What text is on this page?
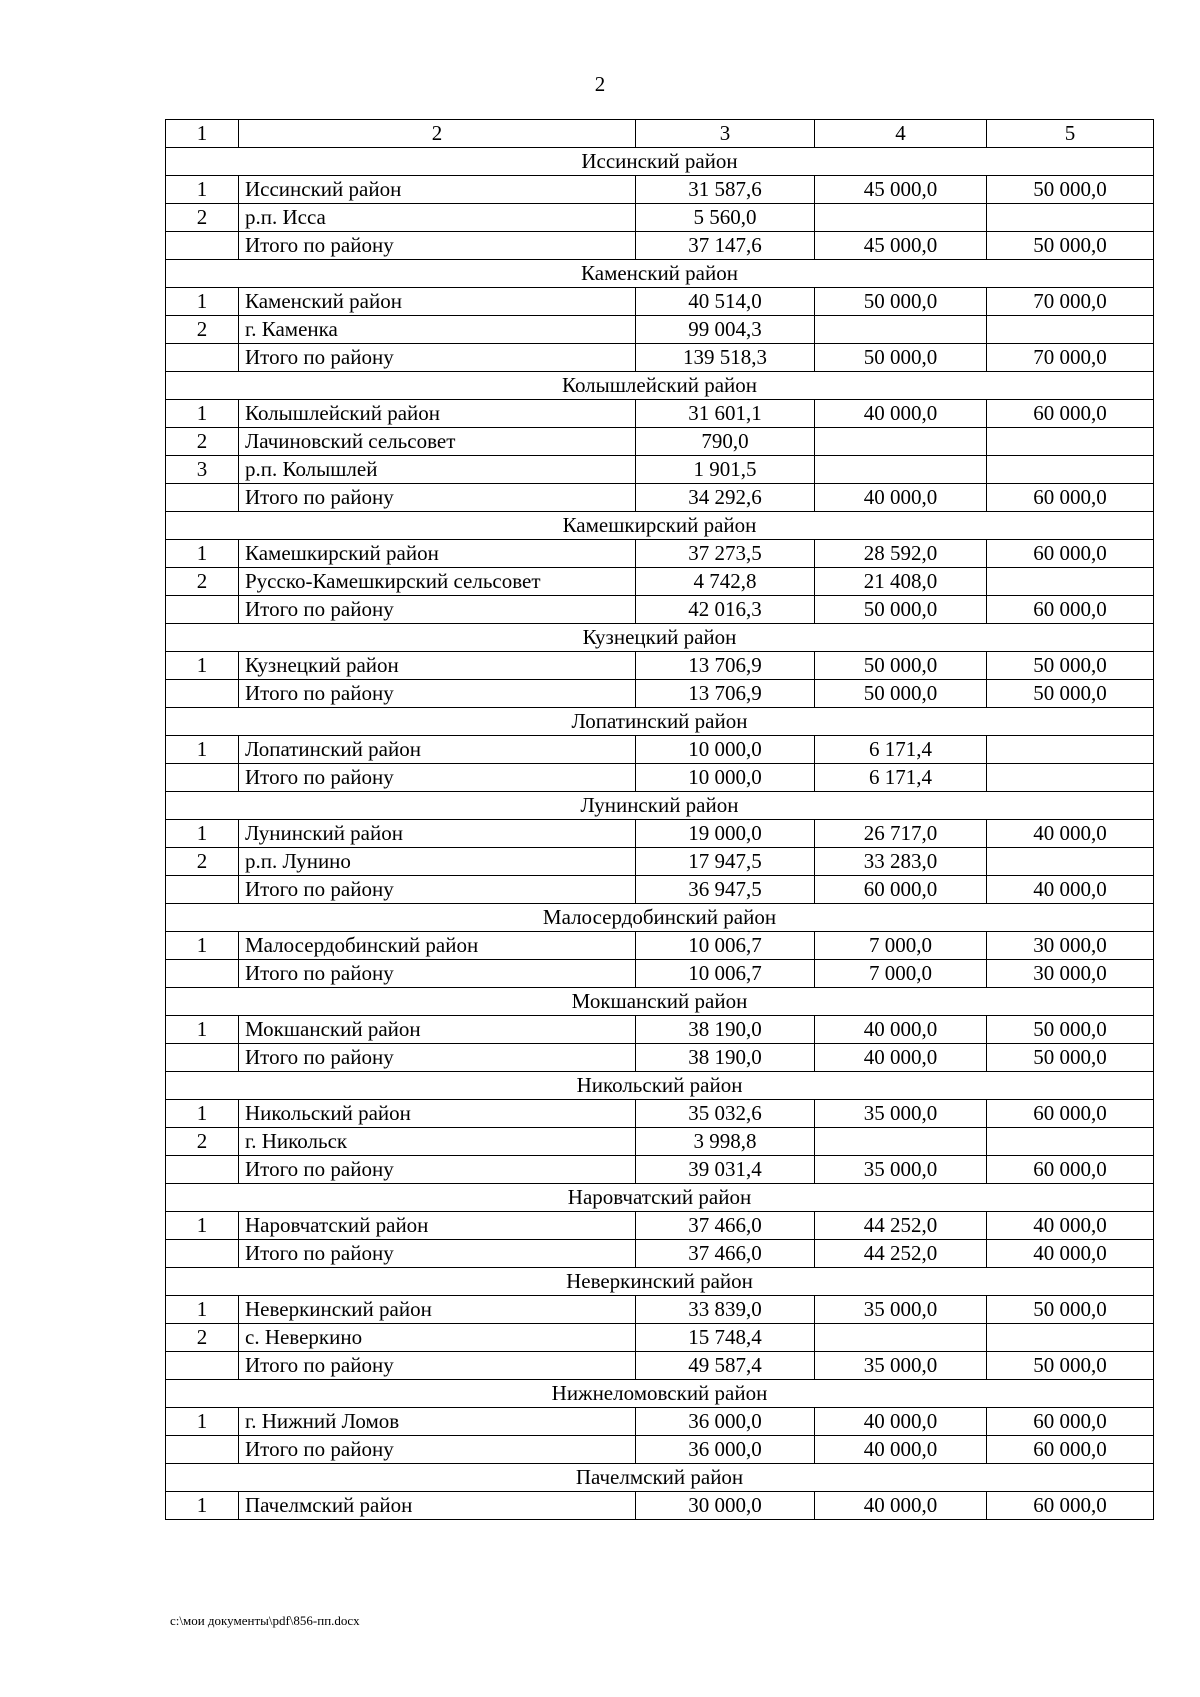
2
1	2	3	4	5
Иссинский район				
1	Иссинский район	31 587,6	45 000,0	50 000,0
2	р.п. Исса	5 560,0		
	Итого по району	37 147,6	45 000,0	50 000,0
Каменский район				
1	Каменский район	40 514,0	50 000,0	70 000,0
2	г. Каменка	99 004,3		
	Итого по району	139 518,3	50 000,0	70 000,0
Колышлейский район				
1	Колышлейский район	31 601,1	40 000,0	60 000,0
2	Лачиновский сельсовет	790,0		
3	р.п. Колышлей	1 901,5		
	Итого по району	34 292,6	40 000,0	60 000,0
Камешкирский район				
1	Камешкирский район	37 273,5	28 592,0	60 000,0
2	Русско-Камешкирский сельсовет	4 742,8	21 408,0	
	Итого по району	42 016,3	50 000,0	60 000,0
Кузнецкий район				
1	Кузнецкий район	13 706,9	50 000,0	50 000,0
	Итого по району	13 706,9	50 000,0	50 000,0
Лопатинский район				
1	Лопатинский район	10 000,0	6 171,4	
	Итого по району	10 000,0	6 171,4	
Лунинский район				
1	Лунинский район	19 000,0	26 717,0	40 000,0
2	р.п. Лунино	17 947,5	33 283,0	
	Итого по району	36 947,5	60 000,0	40 000,0
Малосердобинский район				
1	Малосердобинский район	10 006,7	7 000,0	30 000,0
	Итого по району	10 006,7	7 000,0	30 000,0
Мокшанский район				
1	Мокшанский район	38 190,0	40 000,0	50 000,0
	Итого по району	38 190,0	40 000,0	50 000,0
Никольский район				
1	Никольский район	35 032,6	35 000,0	60 000,0
2	г. Никольск	3 998,8		
	Итого по району	39 031,4	35 000,0	60 000,0
Наровчатский район				
1	Наровчатский район	37 466,0	44 252,0	40 000,0
	Итого по району	37 466,0	44 252,0	40 000,0
Неверкинский район				
1	Неверкинский район	33 839,0	35 000,0	50 000,0
2	с. Неверкино	15 748,4		
	Итого по району	49 587,4	35 000,0	50 000,0
Нижнеломовский район				
1	г. Нижний Ломов	36 000,0	40 000,0	60 000,0
	Итого по району	36 000,0	40 000,0	60 000,0
Пачелмский район				
1	Пачелмский район	30 000,0	40 000,0	60 000,0
c:\мои документы\pdf\856-пп.docx
